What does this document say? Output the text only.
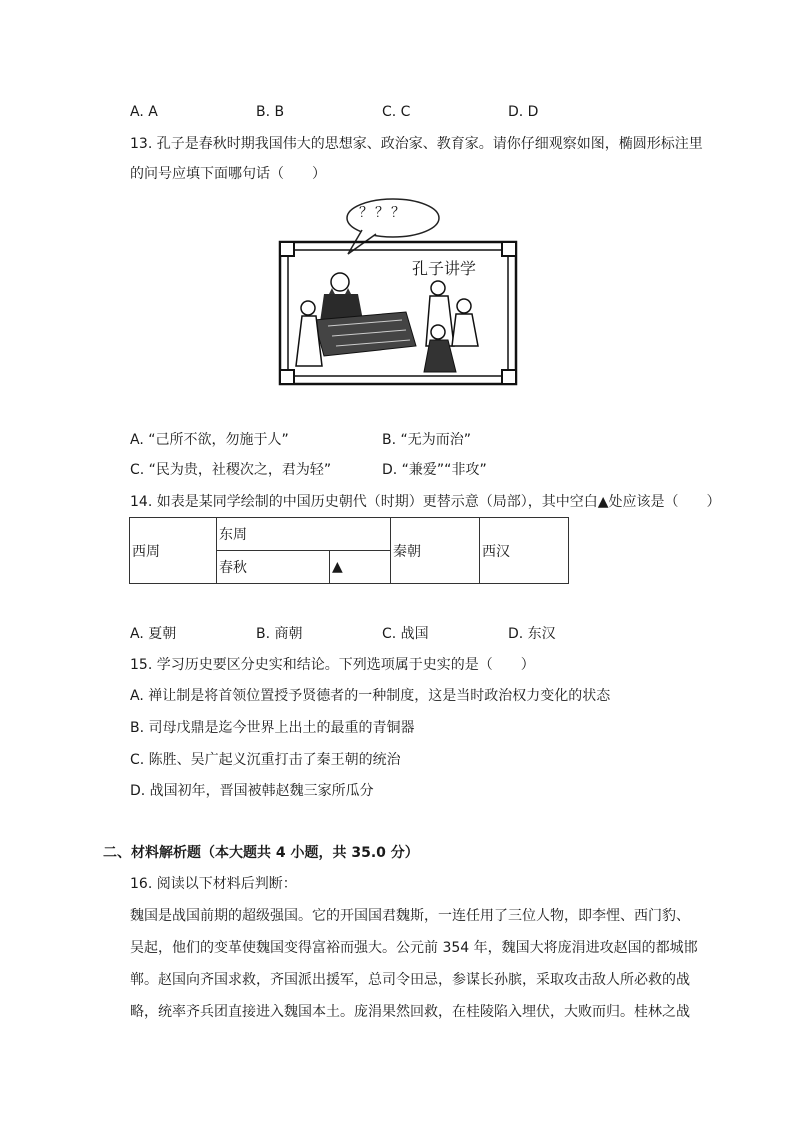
A. A	B. B	C. C	D. D
13. 孔子是春秋时期我国伟大的思想家、政治家、教育家。请你仔细观察如图，椭圆形标注里
的问号应填下面哪句话（　　）
？？？
孔子讲学
A. “己所不欲，勿施于人”	B. “无为而治”
C. “民为贵，社稷次之，君为轻”	D. “兼爱”“非攻”
14. 如表是某同学绘制的中国历史朝代（时期）更替示意（局部），其中空白▲处应该是（　　）
西周	东周		秦朝	西汉
	春秋	▲		
A. 夏朝	B. 商朝	C. 战国	D. 东汉
15. 学习历史要区分史实和结论。下列选项属于史实的是（　　）
A. 禅让制是将首领位置授予贤德者的一种制度，这是当时政治权力变化的状态
B. 司母戊鼎是迄今世界上出土的最重的青铜器
C. 陈胜、吴广起义沉重打击了秦王朝的统治
D. 战国初年，晋国被韩赵魏三家所瓜分
二、材料解析题（本大题共 4 小题，共 35.0 分）
16. 阅读以下材料后判断：
魏国是战国前期的超级强国。它的开国国君魏斯，一连任用了三位人物，即李悝、西门豹、
吴起，他们的变革使魏国变得富裕而强大。公元前 354 年，魏国大将庞涓进攻赵国的都城邯
郸。赵国向齐国求救，齐国派出援军，总司令田忌，参谋长孙膑，采取攻击敌人所必救的战
略，统率齐兵团直接进入魏国本土。庞涓果然回救，在桂陵陷入埋伏，大败而归。桂林之战
